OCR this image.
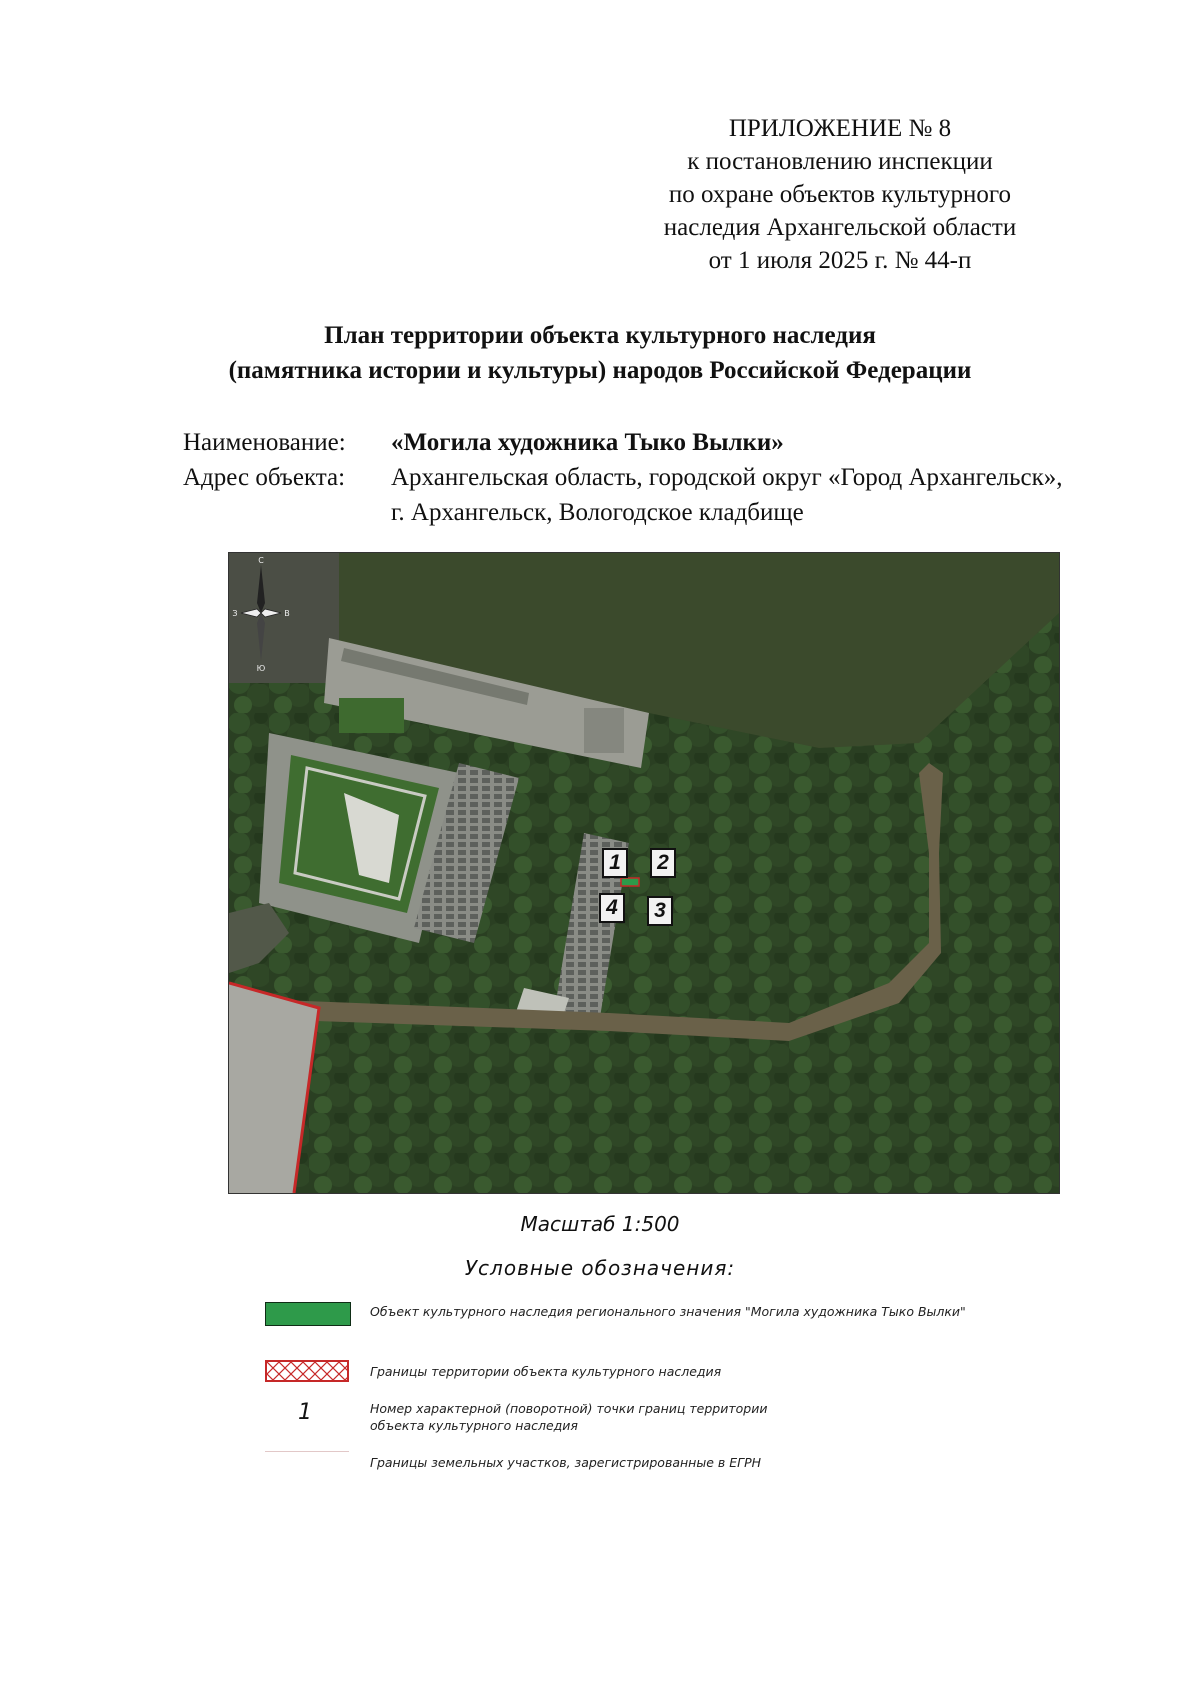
ПРИЛОЖЕНИЕ № 8
к постановлению инспекции
по охране объектов культурного
наследия Архангельской области
от 1 июля 2025 г. № 44-п
План территории объекта культурного наследия
(памятника истории и культуры) народов Российской Федерации
Наименование:	«Могила художника Тыко Вылки»
Адрес объекта:	Архангельская область, городской округ «Город Архангельск», г. Архангельск, Вологодское кладбище
С
Ю
З	В
1	2
3
4
Масштаб 1:500
Условные обозначения:
Объект культурного наследия регионального значения "Могила художника Тыко Вылки"
Границы территории объекта культурного наследия
1	Номер характерной (поворотной) точки границ территории
объекта культурного наследия
Границы земельных участков, зарегистрированные в ЕГРН
